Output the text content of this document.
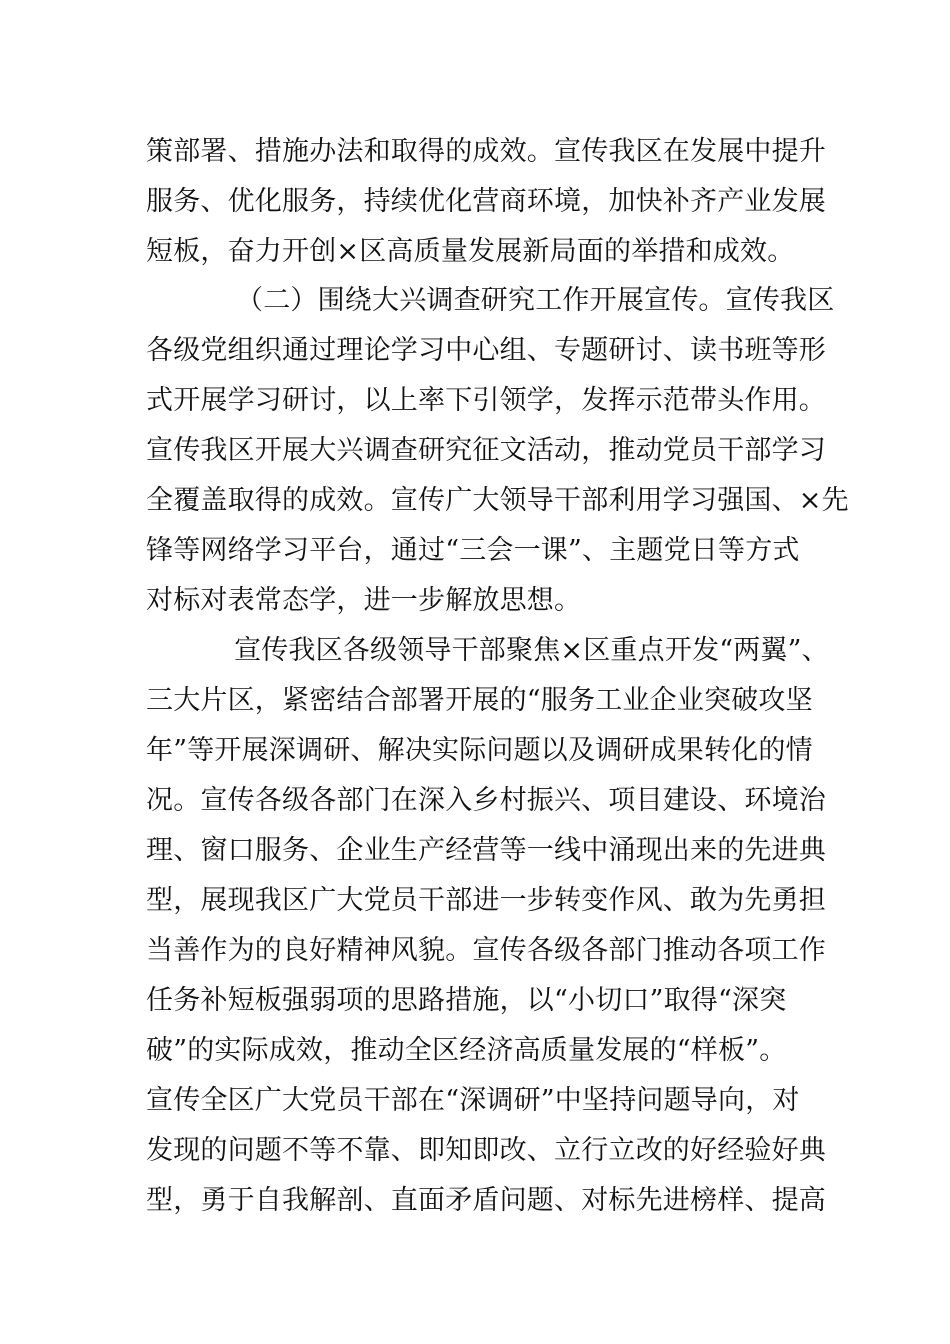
策部署、措施办法和取得的成效。宣传我区在发展中提升
服务、优化服务，持续优化营商环境，加快补齐产业发展
短板，奋力开创×区高质量发展新局面的举措和成效。
（二）围绕大兴调查研究工作开展宣传。宣传我区
各级党组织通过理论学习中心组、专题研讨、读书班等形
式开展学习研讨，以上率下引领学，发挥示范带头作用。
宣传我区开展大兴调查研究征文活动，推动党员干部学习
全覆盖取得的成效。宣传广大领导干部利用学习强国、×先
锋等网络学习平台，通过“三会一课”、主题党日等方式
对标对表常态学，进一步解放思想。
宣传我区各级领导干部聚焦×区重点开发“两翼”、
三大片区，紧密结合部署开展的“服务工业企业突破攻坚
年”等开展深调研、解决实际问题以及调研成果转化的情
况。宣传各级各部门在深入乡村振兴、项目建设、环境治
理、窗口服务、企业生产经营等一线中涌现出来的先进典
型，展现我区广大党员干部进一步转变作风、敢为先勇担
当善作为的良好精神风貌。宣传各级各部门推动各项工作
任务补短板强弱项的思路措施，以“小切口”取得“深突
破”的实际成效，推动全区经济高质量发展的“样板”。
宣传全区广大党员干部在“深调研”中坚持问题导向，对
发现的问题不等不靠、即知即改、立行立改的好经验好典
型，勇于自我解剖、直面矛盾问题、对标先进榜样、提高
